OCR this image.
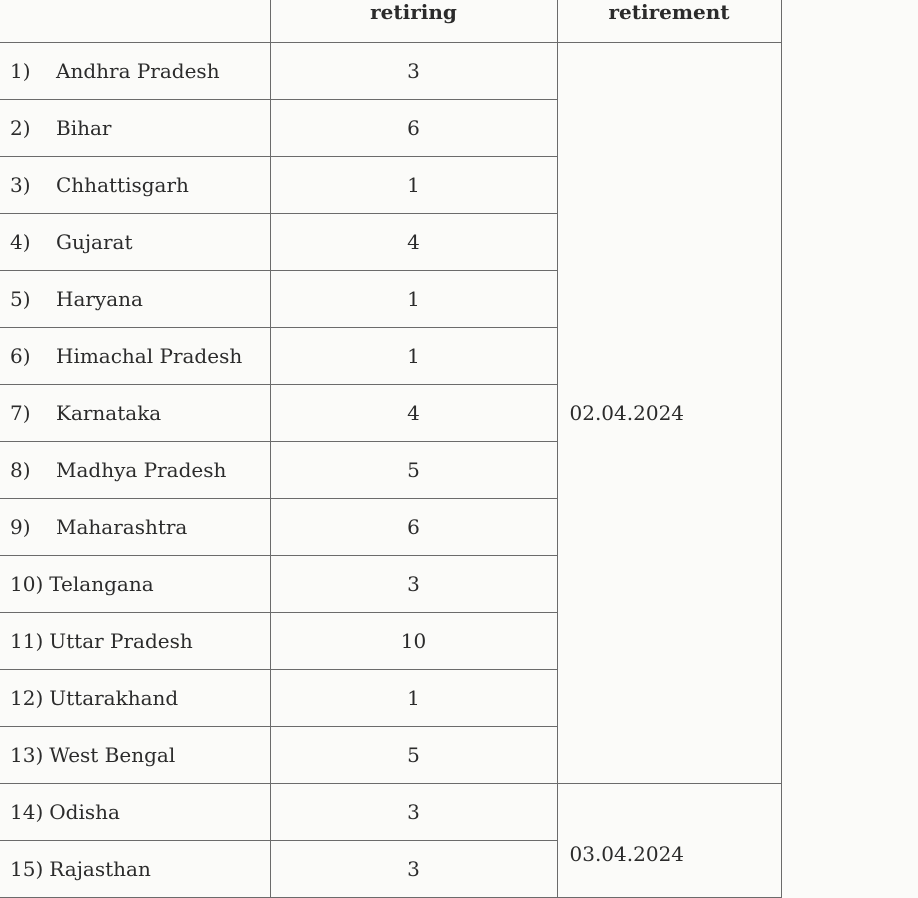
	retiring	retirement
1) Andhra Pradesh	3	02.04.2024
2) Bihar	6	
3) Chhattisgarh	1	
4) Gujarat	4	
5) Haryana	1	
6) Himachal Pradesh	1	
7) Karnataka	4	
8) Madhya Pradesh	5	
9) Maharashtra	6	
10) Telangana	3	
11) Uttar Pradesh	10	
12) Uttarakhand	1	
13) West Bengal	5	
14) Odisha	3	03.04.2024
15) Rajasthan	3	
